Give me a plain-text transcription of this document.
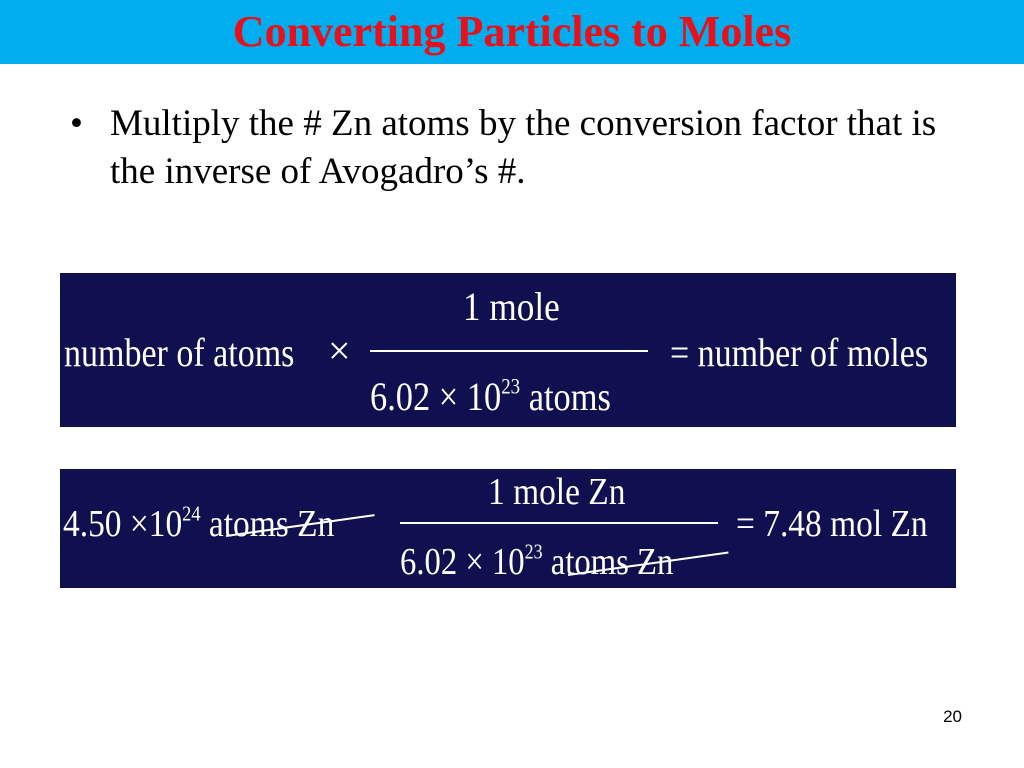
Converting Particles to Moles
• Multiply the # Zn atoms by the conversion factor that is the inverse of Avogadro’s #.
number of atoms ×
1 mole
$6.02 \times 10^{23}$ atoms
= number of moles
$4.50 \times 10^{24}$ atoms Zn
1 mole Zn
$6.02 \times 10^{23}$ atoms Zn
= 7.48 mol Zn
20
